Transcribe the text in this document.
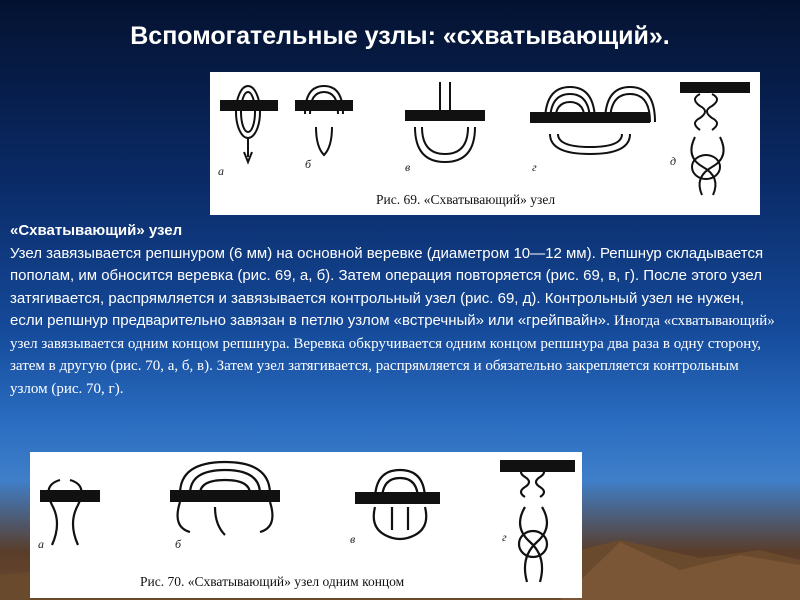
Вспомогательные узлы: «схватывающий».
а	б	в	г	д
Рис. 69. «Схватывающий» узел
«Схватывающий» узел
Узел завязывается репшнуром (6 мм) на основной веревке (диаметром 10—12 мм). Репшнур складывается пополам, им обносится веревка (рис. 69, а, б). Затем операция повторяется (рис. 69, в, г). После этого узел затягивается, распрямляется и завязывается контрольный узел (рис. 69, д). Контрольный узел не нужен, если репшнур предварительно завязан в петлю узлом «встречный» или «грейпвайн». Иногда «схватывающий» узел завязывается одним концом репшнура. Веревка обкручивается одним концом репшнура два раза в одну сторону, затем в другую (рис. 70, а, б, в). Затем узел затягивается, распрямляется и обязательно закрепляется контрольным узлом (рис. 70, г).
а	б	в	г
Рис. 70. «Схватывающий» узел одним концом
